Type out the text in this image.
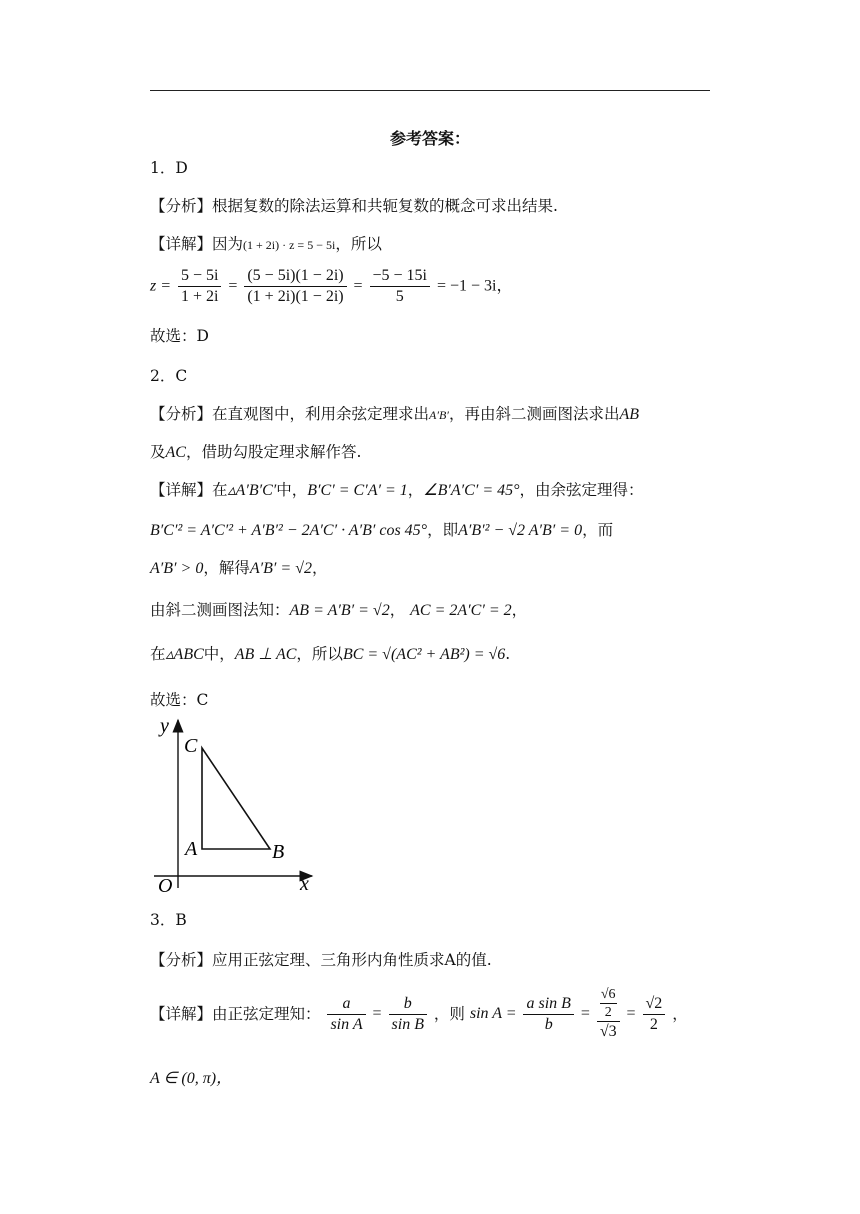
参考答案：
1．D
【分析】根据复数的除法运算和共轭复数的概念可求出结果.
【详解】因为(1 + 2i) · z = 5 − 5i，所以
$z = \frac{5 - 5i}{1 + 2i} = \frac{(5 - 5i)(1 - 2i)}{(1 + 2i)(1 - 2i)} = \frac{-5 - 15i}{5} = -1 - 3i$，
故选：D
2．C
【分析】在直观图中，利用余弦定理求出A′B′，再由斜二测画图法求出AB
及AC，借助勾股定理求解作答.
【详解】在▵A′B′C′中，B′C′ = C′A′ = 1，∠B′A′C′ = 45°，由余弦定理得：
B′C′² = A′C′² + A′B′² − 2A′C′ · A′B′ cos 45°，即A′B′² − √2 A′B′ = 0，而
A′B′ > 0，解得A′B′ = √2，
由斜二测画图法知：AB = A′B′ = √2， AC = 2A′C′ = 2，
在▵ABC中，AB ⊥ AC，所以BC = √(AC² + AB²) = √6.
故选：C
y
x
O
C
A	B
3．B
【分析】应用正弦定理、三角形内角性质求A的值.
【详解】由正弦定理知： $\frac{a}{\text{sin A}} = \frac{b}{\text{sin B}}$ ，则 $\sin A = \frac{\text{a sin B}}{b} = √6$
2
$√3 = \frac{√2}{2}$ ，
A ∈ (0, π)，
